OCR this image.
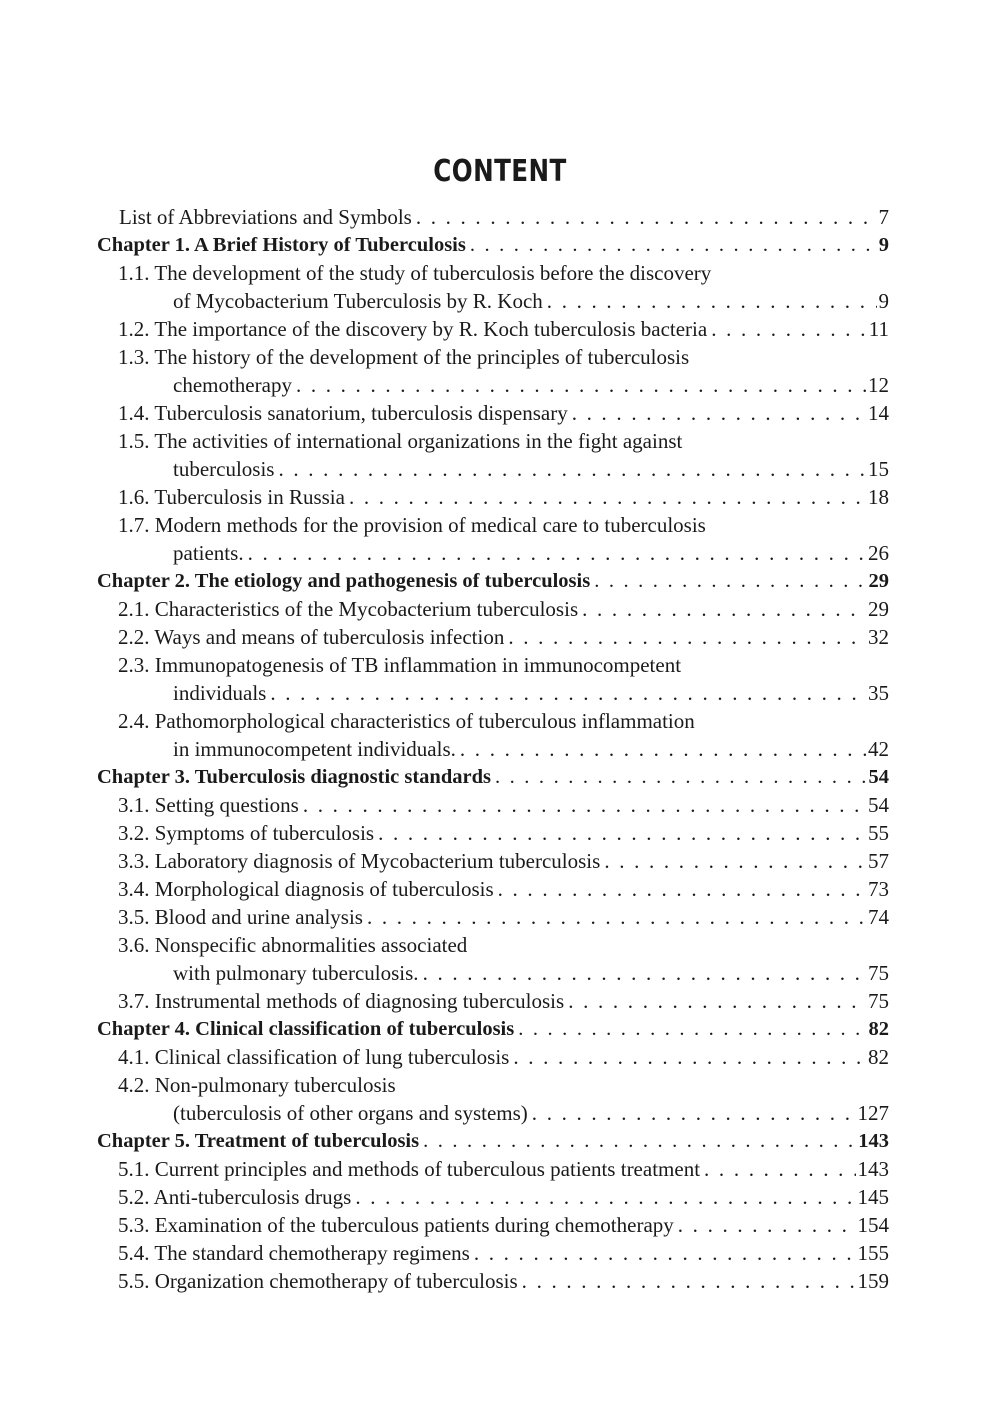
CONTENT
List of Abbreviations and Symbols . . .	7
Chapter 1. A Brief History of Tuberculosis . . .	9
1.1. The development of the study of tuberculosis before the discovery
of Mycobacterium Tuberculosis by R. Koch . . .	9
1.2. The importance of the discovery by R. Koch tuberculosis bacteria . . .	11
1.3. The history of the development of the principles of tuberculosis
chemotherapy . . .	12
1.4. Tuberculosis sanatorium, tuberculosis dispensary . . .	14
1.5. The activities of international organizations in the fight against
tuberculosis . . .	15
1.6. Tuberculosis in Russia . . .	18
1.7. Modern methods for the provision of medical care to tuberculosis
patients. . . .	26
Chapter 2. The etiology and pathogenesis of tuberculosis . . .	29
2.1. Characteristics of the Mycobacterium tuberculosis . . .	29
2.2. Ways and means of tuberculosis infection . . .	32
2.3. Immunopatogenesis of TB inflammation in immunocompetent
individuals . . .	35
2.4. Pathomorphological characteristics of tuberculous inflammation
in immunocompetent individuals. . . .	42
Chapter 3. Tuberculosis diagnostic standards . . .	54
3.1. Setting questions . . .	54
3.2. Symptoms of tuberculosis . . .	55
3.3. Laboratory diagnosis of Mycobacterium tuberculosis . . .	57
3.4. Morphological diagnosis of tuberculosis . . .	73
3.5. Blood and urine analysis . . .	74
3.6. Nonspecific abnormalities associated
with pulmonary tuberculosis. . . .	75
3.7. Instrumental methods of diagnosing tuberculosis . . .	75
Chapter 4. Clinical classification of tuberculosis . . .	82
4.1. Clinical classification of lung tuberculosis . . .	82
4.2. Non-pulmonary tuberculosis
(tuberculosis of other organs and systems) . . .	127
Chapter 5. Treatment of tuberculosis . . .	143
5.1. Current principles and methods of tuberculous patients treatment . . .	143
5.2. Anti-tuberculosis drugs . . .	145
5.3. Examination of the tuberculous patients during chemotherapy . . .	154
5.4. The standard chemotherapy regimens . . .	155
5.5. Organization chemotherapy of tuberculosis . . .	159
